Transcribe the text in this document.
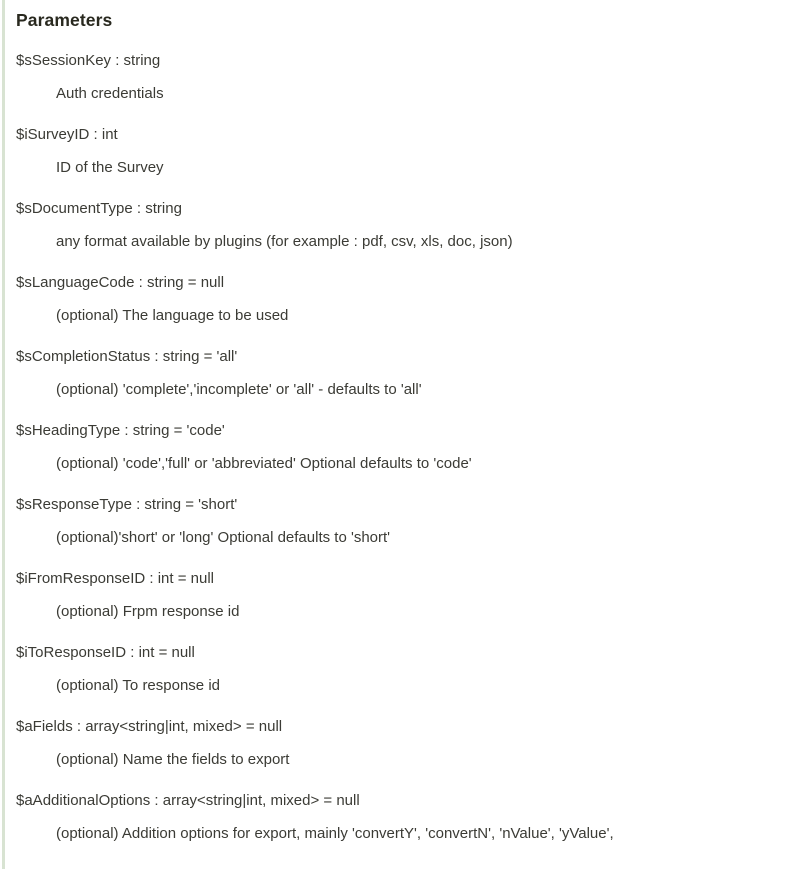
Parameters
$sSessionKey : string
Auth credentials
$iSurveyID : int
ID of the Survey
$sDocumentType : string
any format available by plugins (for example : pdf, csv, xls, doc, json)
$sLanguageCode : string = null
(optional) The language to be used
$sCompletionStatus : string = 'all'
(optional) 'complete','incomplete' or 'all' - defaults to 'all'
$sHeadingType : string = 'code'
(optional) 'code','full' or 'abbreviated' Optional defaults to 'code'
$sResponseType : string = 'short'
(optional)'short' or 'long' Optional defaults to 'short'
$iFromResponseID : int = null
(optional) Frpm response id
$iToResponseID : int = null
(optional) To response id
$aFields : array<string|int, mixed> = null
(optional) Name the fields to export
$aAdditionalOptions : array<string|int, mixed> = null
(optional) Addition options for export, mainly 'convertY', 'convertN', 'nValue', 'yValue',
